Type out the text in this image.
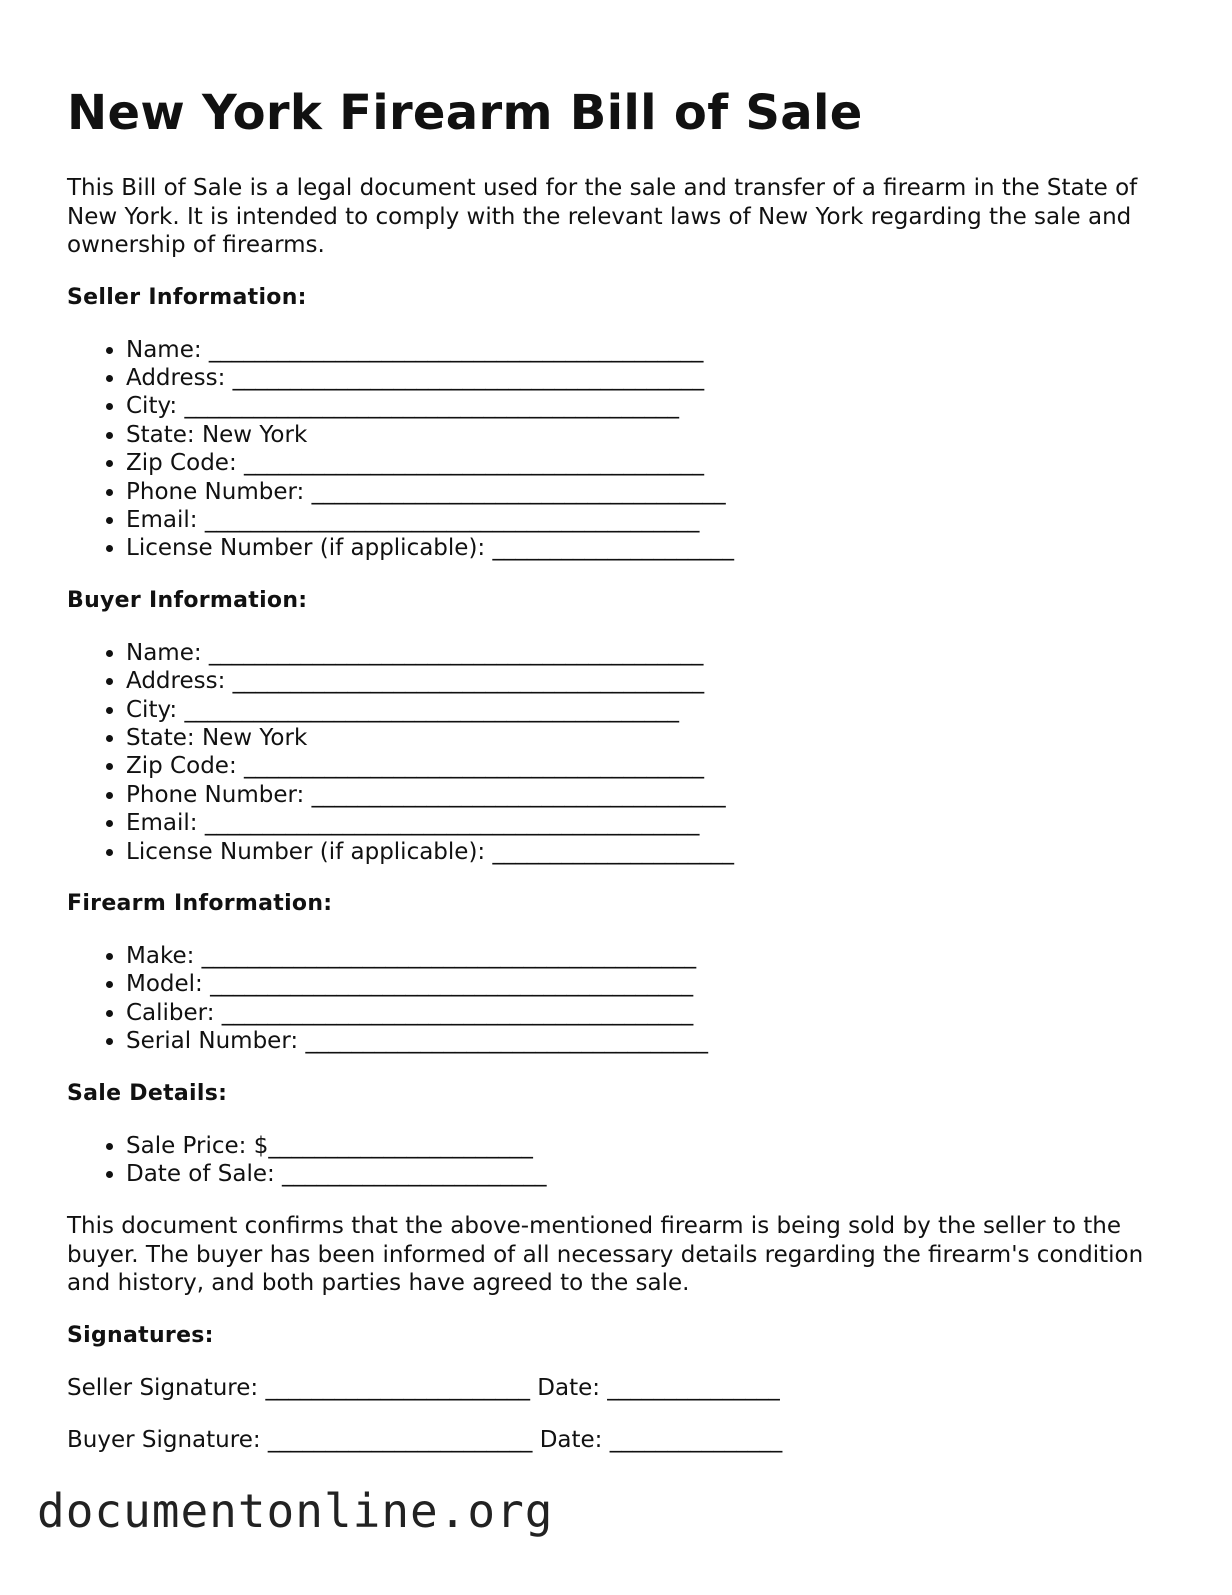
New York Firearm Bill of Sale

This Bill of Sale is a legal document used for the sale and transfer of a firearm in the State of New York. It is intended to comply with the relevant laws of New York regarding the sale and ownership of firearms.

Seller Information:
• Name: ___________________________________________
• Address: _________________________________________
• City: ___________________________________________
• State: New York
• Zip Code: ________________________________________
• Phone Number: ____________________________________
• Email: ___________________________________________
• License Number (if applicable): _____________________
Buyer Information:
• Name: ___________________________________________
• Address: _________________________________________
• City: ___________________________________________
• State: New York
• Zip Code: ________________________________________
• Phone Number: ____________________________________
• Email: ___________________________________________
• License Number (if applicable): _____________________
Firearm Information:
• Make: ___________________________________________
• Model: __________________________________________
• Caliber: _________________________________________
• Serial Number: ___________________________________
Sale Details:
• Sale Price: $_______________________
• Date of Sale: _______________________

This document confirms that the above-mentioned firearm is being sold by the seller to the buyer. The buyer has been informed of all necessary details regarding the firearm's condition and history, and both parties have agreed to the sale.

Signatures:
Seller Signature: _______________________ Date: _______________
Buyer Signature: _______________________ Date: _______________
documentonline.org
